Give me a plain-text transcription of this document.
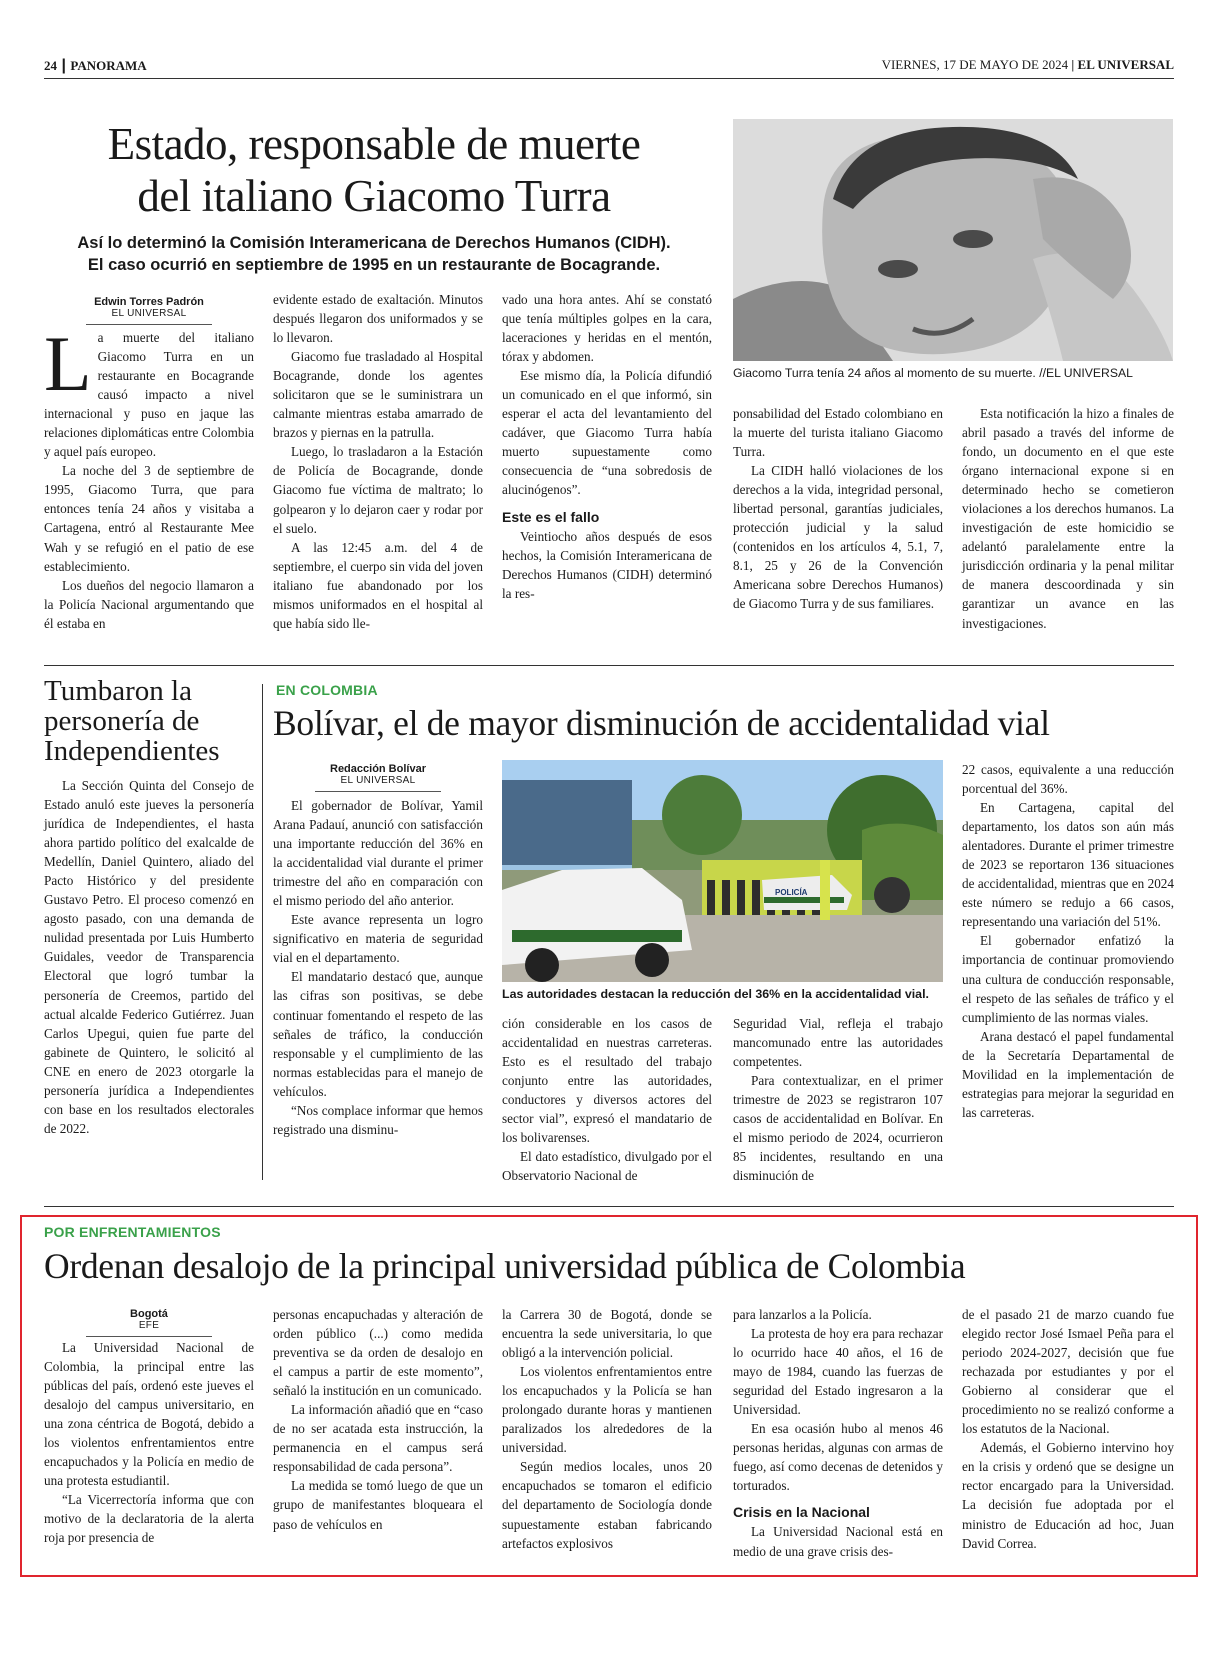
24 | PANORAMA	VIERNES, 17 DE MAYO DE 2024 | EL UNIVERSAL
Estado, responsable de muerte
del italiano Giacomo Turra
Así lo determinó la Comisión Interamericana de Derechos Humanos (CIDH).
El caso ocurrió en septiembre de 1995 en un restaurante de Bocagrande.
Giacomo Turra tenía 24 años al momento de su muerte. //EL UNIVERSAL
Edwin Torres Padrón
EL UNIVERSAL
L a muerte del italiano Giacomo Turra en un restaurante en Bocagrande causó impacto a nivel internacional y puso en jaque las relaciones diplomáticas entre Colombia y aquel país europeo.

La noche del 3 de septiembre de 1995, Giacomo Turra, que para entonces tenía 24 años y visitaba a Cartagena, entró al Restaurante Mee Wah y se refugió en el patio de ese establecimiento.

Los dueños del negocio llamaron a la Policía Nacional argumentando que él estaba en

evidente estado de exaltación. Minutos después llegaron dos uniformados y se lo llevaron.

Giacomo fue trasladado al Hospital Bocagrande, donde los agentes solicitaron que se le suministrara un calmante mientras estaba amarrado de brazos y piernas en la patrulla.

Luego, lo trasladaron a la Estación de Policía de Bocagrande, donde Giacomo fue víctima de maltrato; lo golpearon y lo dejaron caer y rodar por el suelo.

A las 12:45 a.m. del 4 de septiembre, el cuerpo sin vida del joven italiano fue abandonado por los mismos uniformados en el hospital al que había sido lle-

vado una hora antes. Ahí se constató que tenía múltiples golpes en la cara, laceraciones y heridas en el mentón, tórax y abdomen.

Ese mismo día, la Policía difundió un comunicado en el que informó, sin esperar el acta del levantamiento del cadáver, que Giacomo Turra había muerto supuestamente como consecuencia de “una sobredosis de alucinógenos”.

Este es el fallo

Veintiocho años después de esos hechos, la Comisión Interamericana de Derechos Humanos (CIDH) determinó la res-

ponsabilidad del Estado colombiano en la muerte del turista italiano Giacomo Turra.

La CIDH halló violaciones de los derechos a la vida, integridad personal, libertad personal, garantías judiciales, protección judicial y la salud (contenidos en los artículos 4, 5.1, 7, 8.1, 25 y 26 de la Convención Americana sobre Derechos Humanos) de Giacomo Turra y de sus familiares.

Esta notificación la hizo a finales de abril pasado a través del informe de fondo, un documento en el que este órgano internacional expone si en determinado hecho se cometieron violaciones a los derechos humanos. La investigación de este homicidio se adelantó paralelamente entre la jurisdicción ordinaria y la penal militar de manera descoordinada y sin garantizar un avance en las investigaciones.

Tumbaron la personería de Independientes

La Sección Quinta del Consejo de Estado anuló este jueves la personería jurídica de Independientes, el hasta ahora partido político del exalcalde de Medellín, Daniel Quintero, aliado del Pacto Histórico y del presidente Gustavo Petro. El proceso comenzó en agosto pasado, con una demanda de nulidad presentada por Luis Humberto Guidales, veedor de Transparencia Electoral que logró tumbar la personería de Creemos, partido del actual alcalde Federico Gutiérrez. Juan Carlos Upegui, quien fue parte del gabinete de Quintero, le solicitó al CNE en enero de 2023 otorgarle la personería jurídica a Independientes con base en los resultados electorales de 2022.

EN COLOMBIA
Bolívar, el de mayor disminución de accidentalidad vial
Redacción Bolívar
EL UNIVERSAL

El gobernador de Bolívar, Yamil Arana Padauí, anunció con satisfacción una importante reducción del 36% en la accidentalidad vial durante el primer trimestre del año en comparación con el mismo periodo del año anterior.

Este avance representa un logro significativo en materia de seguridad vial en el departamento.

El mandatario destacó que, aunque las cifras son positivas, se debe continuar fomentando el respeto de las señales de tráfico, la conducción responsable y el cumplimiento de las normas establecidas para el manejo de vehículos.

“Nos complace informar que hemos registrado una disminu-

POLICÍA
Las autoridades destacan la reducción del 36% en la accidentalidad vial.

ción considerable en los casos de accidentalidad en nuestras carreteras. Esto es el resultado del trabajo conjunto entre las autoridades, conductores y diversos actores del sector vial”, expresó el mandatario de los bolivarenses.

El dato estadístico, divulgado por el Observatorio Nacional de

Seguridad Vial, refleja el trabajo mancomunado entre las autoridades competentes.

Para contextualizar, en el primer trimestre de 2023 se registraron 107 casos de accidentalidad en Bolívar. En el mismo periodo de 2024, ocurrieron 85 incidentes, resultando en una disminución de

22 casos, equivalente a una reducción porcentual del 36%.

En Cartagena, capital del departamento, los datos son aún más alentadores. Durante el primer trimestre de 2023 se reportaron 136 situaciones de accidentalidad, mientras que en 2024 este número se redujo a 66 casos, representando una variación del 51%.

El gobernador enfatizó la importancia de continuar promoviendo una cultura de conducción responsable, el respeto de las señales de tráfico y el cumplimiento de las normas viales.

Arana destacó el papel fundamental de la Secretaría Departamental de Movilidad en la implementación de estrategias para mejorar la seguridad en las carreteras.

POR ENFRENTAMIENTOS
Ordenan desalojo de la principal universidad pública de Colombia
Bogotá
EFE

La Universidad Nacional de Colombia, la principal entre las públicas del país, ordenó este jueves el desalojo del campus universitario, en una zona céntrica de Bogotá, debido a los violentos enfrentamientos entre encapuchados y la Policía en medio de una protesta estudiantil.

“La Vicerrectoría informa que con motivo de la declaratoria de la alerta roja por presencia de

personas encapuchadas y alteración de orden público (...) como medida preventiva se da orden de desalojo en el campus a partir de este momento”, señaló la institución en un comunicado.

La información añadió que en “caso de no ser acatada esta instrucción, la permanencia en el campus será responsabilidad de cada persona”.

La medida se tomó luego de que un grupo de manifestantes bloqueara el paso de vehículos en

la Carrera 30 de Bogotá, donde se encuentra la sede universitaria, lo que obligó a la intervención policial.

Los violentos enfrentamientos entre los encapuchados y la Policía se han prolongado durante horas y mantienen paralizados los alrededores de la universidad.

Según medios locales, unos 20 encapuchados se tomaron el edificio del departamento de Sociología donde supuestamente estaban fabricando artefactos explosivos

para lanzarlos a la Policía.

La protesta de hoy era para rechazar lo ocurrido hace 40 años, el 16 de mayo de 1984, cuando las fuerzas de seguridad del Estado ingresaron a la Universidad.

En esa ocasión hubo al menos 46 personas heridas, algunas con armas de fuego, así como decenas de detenidos y torturados.

Crisis en la Nacional

La Universidad Nacional está en medio de una grave crisis des-

de el pasado 21 de marzo cuando fue elegido rector José Ismael Peña para el periodo 2024-2027, decisión que fue rechazada por estudiantes y por el Gobierno al considerar que el procedimiento no se realizó conforme a los estatutos de la Nacional.

Además, el Gobierno intervino hoy en la crisis y ordenó que se designe un rector encargado para la Universidad. La decisión fue adoptada por el ministro de Educación ad hoc, Juan David Correa.
